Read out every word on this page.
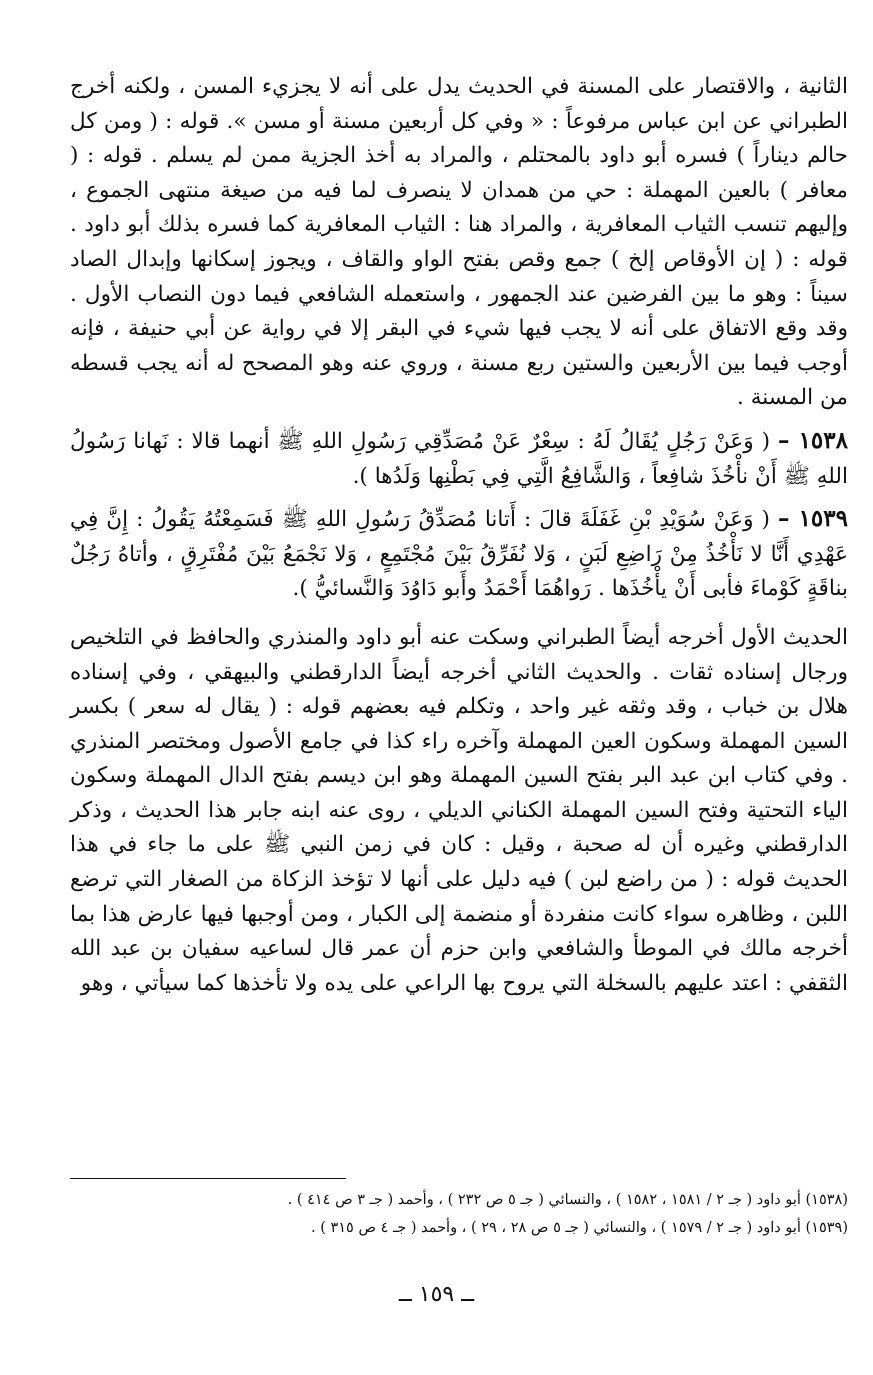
الثانية ، والاقتصار على المسنة في الحديث يدل على أنه لا يجزيء المسن ، ولكنه أخرج الطبراني عن ابن عباس مرفوعاً : « وفي كل أربعين مسنة أو مسن ». قوله : ( ومن كل حالم ديناراً ) فسره أبو داود بالمحتلم ، والمراد به أخذ الجزية ممن لم يسلم . قوله : ( معافر ) بالعين المهملة : حي من همدان لا ينصرف لما فيه من صيغة منتهى الجموع ، وإليهم تنسب الثياب المعافرية ، والمراد هنا : الثياب المعافرية كما فسره بذلك أبو داود . قوله : ( إن الأوقاص إلخ ) جمع وقص بفتح الواو والقاف ، ويجوز إسكانها وإبدال الصاد سيناً : وهو ما بين الفرضين عند الجمهور ، واستعمله الشافعي فيما دون النصاب الأول . وقد وقع الاتفاق على أنه لا يجب فيها شيء في البقر إلا في رواية عن أبي حنيفة ، فإنه أوجب فيما بين الأربعين والستين ربع مسنة ، وروي عنه وهو المصحح له أنه يجب قسطه من المسنة .

١٥٣٨ – ( وَعَنْ رَجُلٍ يُقَالُ لَهُ : سِعْرٌ عَنْ مُصَدِّقِي رَسُولِ اللهِ ﷺ أنهما قالا : نَهانا رَسُولُ اللهِ ﷺ أَنْ نأْخُذَ شافِعاً ، وَالشَّافِعُ الَّتِي فِي بَطْنِها وَلَدُها ).

١٥٣٩ – ( وَعَنْ سُوَيْدِ بْنِ غَفَلَةَ قالَ : أَتانا مُصَدِّقُ رَسُولِ اللهِ ﷺ فَسَمِعْتُهُ يَقُولُ : إِنَّ فِي عَهْدِي أَنَّا لا نَأْخُذُ مِنْ رَاضِعِ لَبَنٍ ، وَلا نُفَرِّقُ بَيْنَ مُجْتَمِعٍ ، وَلا نَجْمَعُ بَيْنَ مُفْتَرِقٍ ، وأتاهُ رَجُلٌ بناقَةٍ كَوْماءَ فأبى أَنْ يأْخُذَها . رَواهُمَا أَحْمَدُ وأَبو دَاوُدَ وَالنَّسائيُّ ).

الحديث الأول أخرجه أيضاً الطبراني وسكت عنه أبو داود والمنذري والحافظ في التلخيص ورجال إسناده ثقات . والحديث الثاني أخرجه أيضاً الدارقطني والبيهقي ، وفي إسناده هلال بن خباب ، وقد وثقه غير واحد ، وتكلم فيه بعضهم قوله : ( يقال له سعر ) بكسر السين المهملة وسكون العين المهملة وآخره راء كذا في جامع الأصول ومختصر المنذري . وفي كتاب ابن عبد البر بفتح السين المهملة وهو ابن ديسم بفتح الدال المهملة وسكون الياء التحتية وفتح السين المهملة الكناني الديلي ، روى عنه ابنه جابر هذا الحديث ، وذكر الدارقطني وغيره أن له صحبة ، وقيل : كان في زمن النبي ﷺ على ما جاء في هذا الحديث قوله : ( من راضع لبن ) فيه دليل على أنها لا تؤخذ الزكاة من الصغار التي ترضع اللبن ، وظاهره سواء كانت منفردة أو منضمة إلى الكبار ، ومن أوجبها فيها عارض هذا بما أخرجه مالك في الموطأ والشافعي وابن حزم أن عمر قال لساعيه سفيان بن عبد الله الثقفي : اعتد عليهم بالسخلة التي يروح بها الراعي على يده ولا تأخذها كما سيأتي ، وهو

(١٥٣٨) أبو داود ( جـ ٢ / ١٥٨١ ، ١٥٨٢ ) ، والنسائي ( جـ ٥ ص ٢٣٢ ) ، وأحمد ( جـ ٣ ص ٤١٤ ) .

(١٥٣٩) أبو داود ( جـ ٢ / ١٥٧٩ ) ، والنسائي ( جـ ٥ ص ٢٨ ، ٢٩ ) ، وأحمد ( جـ ٤ ص ٣١٥ ) .

ــ ١٥٩ ــ
